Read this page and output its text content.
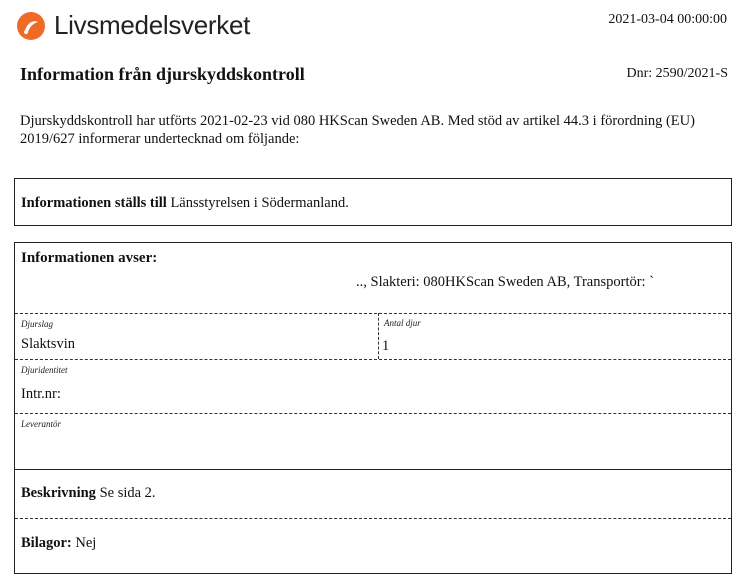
Livsmedelsverket	2021-03-04 00:00:00
Information från djurskyddskontroll	Dnr: 2590/2021-S
Djurskyddskontroll har utförts 2021-02-23 vid 080 HKScan Sweden AB. Med stöd av artikel 44.3 i förordning (EU)
2019/627 informerar undertecknad om följande:
Informationen ställs till Länsstyrelsen i Södermanland.
Informationen avser:
.., Slakteri: 080HKScan Sweden AB, Transportör: `
Djurslag
Slaktsvin
Antal djur
1
Djuridentitet
Intr.nr:
Leverantör
Beskrivning Se sida 2.
Bilagor: Nej
